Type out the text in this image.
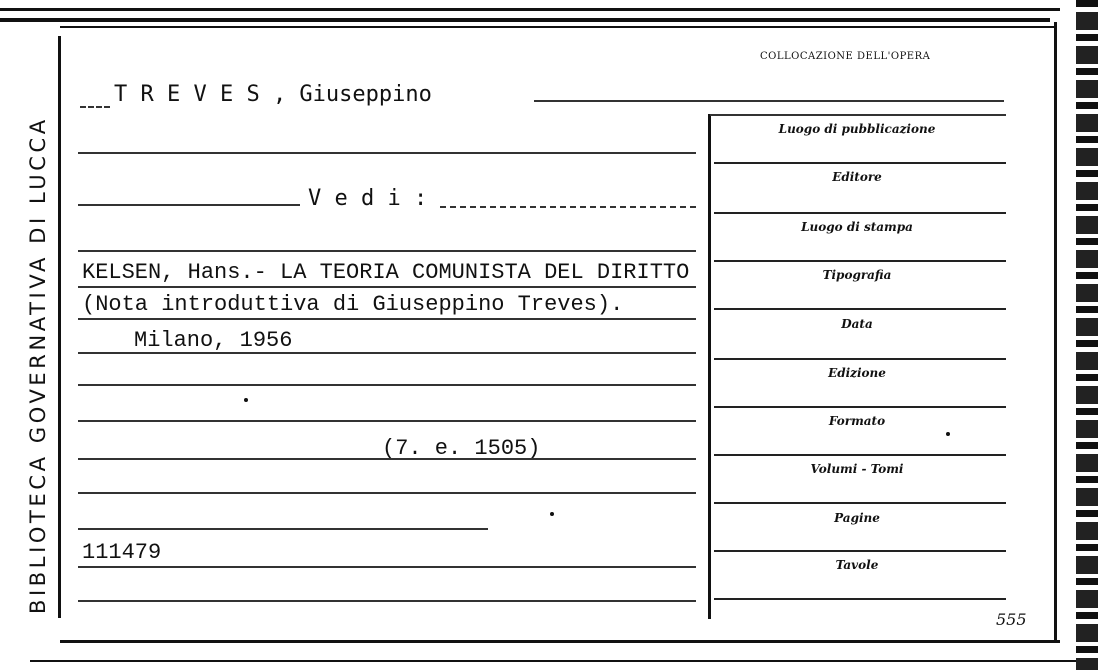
BIBLIOTECA GOVERNATIVA DI LUCCA
T R E V E S , Giuseppino
V e d i :
KELSEN, Hans.- LA TEORIA COMUNISTA DEL DIRITTO
(Nota introduttiva di Giuseppino Treves).
Milano, 1956
(7. e. 1505)
111479
COLLOCAZIONE DELL'OPERA
Luogo di pubblicazione
Editore
Luogo di stampa
Tipografia
Data
Edizione
Formato
Volumi - Tomi
Pagine
Tavole
555
